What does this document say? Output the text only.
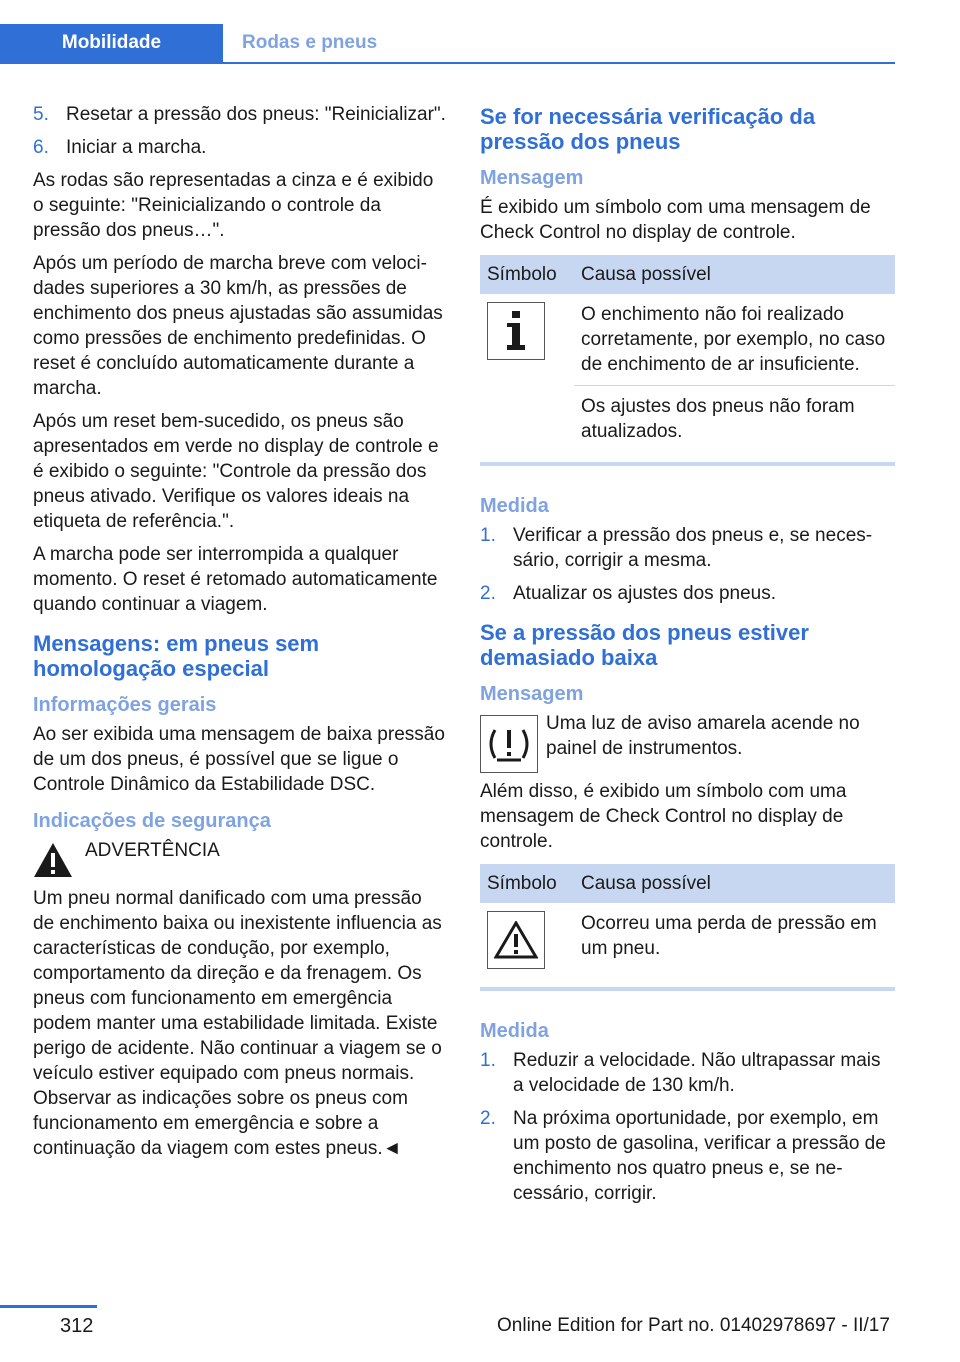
Mobilidade	Rodas e pneus
5. Resetar a pressão dos pneus: "Reinicializar".
6. Iniciar a marcha.

As rodas são representadas a cinza e é exibido o seguinte: "Reinicializando o controle da pressão dos pneus…".

Após um período de marcha breve com velocidades superiores a 30 km/h, as pressões de enchimento dos pneus ajustadas são assumidas como pressões de enchimento predefinidas. O reset é concluído automaticamente durante a marcha.

Após um reset bem-sucedido, os pneus são apresentados em verde no display de controle e é exibido o seguinte: "Controle da pressão dos pneus ativado. Verifique os valores ideais na etiqueta de referência.".

A marcha pode ser interrompida a qualquer momento. O reset é retomado automaticamente quando continuar a viagem.

Mensagens: em pneus sem homologação especial
Informações gerais

Ao ser exibida uma mensagem de baixa pressão de um dos pneus, é possível que se ligue o Controle Dinâmico da Estabilidade DSC.

Indicações de segurança
ADVERTÊNCIA

Um pneu normal danificado com uma pressão de enchimento baixa ou inexistente influencia as características de condução, por exemplo, comportamento da direção e da frenagem. Os pneus com funcionamento em emergência podem manter uma estabilidade limitada. Existe perigo de acidente. Não continuar a viagem se o veículo estiver equipado com pneus normais. Observar as indicações sobre os pneus com funcionamento em emergência e sobre a continuação da viagem com estes pneus.◄

Se for necessária verificação da pressão dos pneus
Mensagem

É exibido um símbolo com uma mensagem de Check Control no display de controle.

Símbolo	Causa possível

	O enchimento não foi realizado corretamente, por exemplo, no caso de enchimento de ar insuficiente.
	Os ajustes dos pneus não foram atualizados.
Medida
1. Verificar a pressão dos pneus e, se necessário, corrigir a mesma.
2. Atualizar os ajustes dos pneus.
Se a pressão dos pneus estiver demasiado baixa
Mensagem

Uma luz de aviso amarela acende no painel de instrumentos.

Além disso, é exibido um símbolo com uma mensagem de Check Control no display de controle.

Símbolo	Causa possível

	Ocorreu uma perda de pressão em um pneu.
Medida
1. Reduzir a velocidade. Não ultrapassar mais a velocidade de 130 km/h.
2. Na próxima oportunidade, por exemplo, em um posto de gasolina, verificar a pressão de enchimento nos quatro pneus e, se necessário, corrigir.
312	Online Edition for Part no. 01402978697 - II/17
